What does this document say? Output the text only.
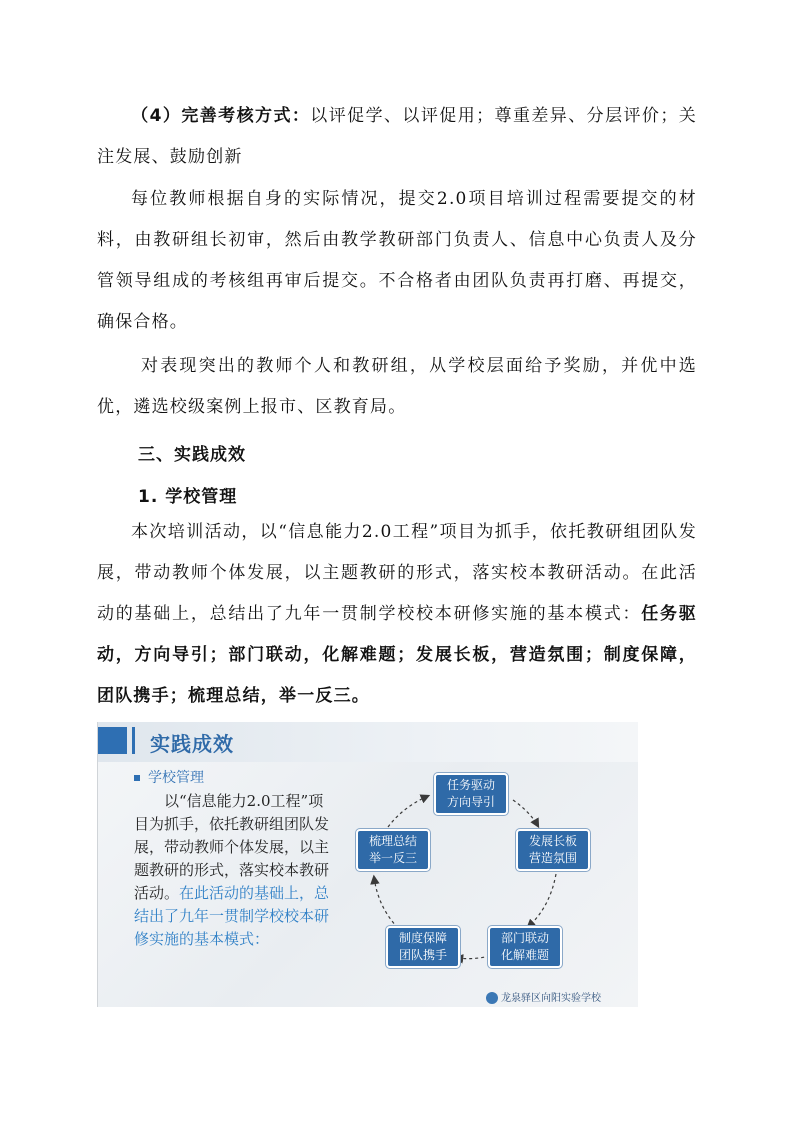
（4）完善考核方式：以评促学、以评促用；尊重差异、分层评价；关注发展、鼓励创新
每位教师根据自身的实际情况，提交2.0项目培训过程需要提交的材料，由教研组长初审，然后由教学教研部门负责人、信息中心负责人及分管领导组成的考核组再审后提交。不合格者由团队负责再打磨、再提交，确保合格。
对表现突出的教师个人和教研组，从学校层面给予奖励，并优中选优，遴选校级案例上报市、区教育局。
三、实践成效
1. 学校管理
本次培训活动，以“信息能力2.0工程”项目为抓手，依托教研组团队发展，带动教师个体发展，以主题教研的形式，落实校本教研活动。在此活动的基础上，总结出了九年一贯制学校校本研修实施的基本模式：任务驱动，方向导引；部门联动，化解难题；发展长板，营造氛围；制度保障，团队携手；梳理总结，举一反三。
实践成效
学校管理
以“信息能力2.0工程”项目为抓手，依托教研组团队发展，带动教师个体发展，以主题教研的形式，落实校本教研活动。在此活动的基础上，总结出了九年一贯制学校校本研修实施的基本模式：
任务驱动
方向导引
发展长板
营造氛围
部门联动
化解难题
制度保障
团队携手
梳理总结
举一反三
龙泉驿区向阳实验学校
